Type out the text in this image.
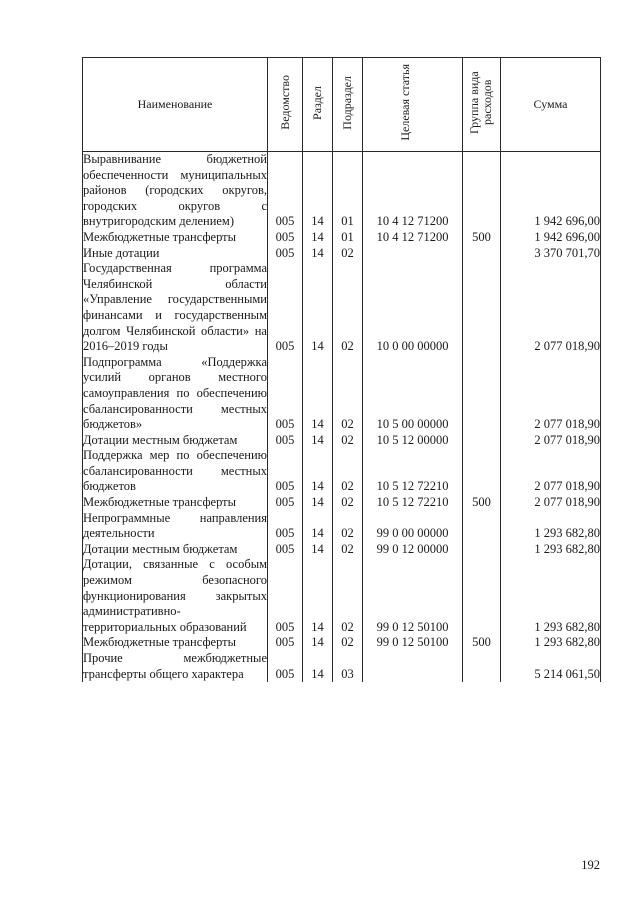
Наименование	Ведомство	Раздел	Подраздел	Целевая статья	Группа вида расходов	Сумма
Выравнивание бюджетной обеспеченности муниципальных районов (городских округов, городских округов с внутригородским делением)	005	14	01	10 4 12 71200		1 942 696,00
Межбюджетные трансферты	005	14	01	10 4 12 71200	500	1 942 696,00
Иные дотации	005	14	02			3 370 701,70
Государственная программа Челябинской области «Управление государственными финансами и государственным долгом Челябинской области» на 2016–2019 годы	005	14	02	10 0 00 00000		2 077 018,90
Подпрограмма «Поддержка усилий органов местного самоуправления по обеспечению сбалансированности местных бюджетов»	005	14	02	10 5 00 00000		2 077 018,90
Дотации местным бюджетам	005	14	02	10 5 12 00000		2 077 018,90
Поддержка мер по обеспечению сбалансированности местных бюджетов	005	14	02	10 5 12 72210		2 077 018,90
Межбюджетные трансферты	005	14	02	10 5 12 72210	500	2 077 018,90
Непрограммные направления деятельности	005	14	02	99 0 00 00000		1 293 682,80
Дотации местным бюджетам	005	14	02	99 0 12 00000		1 293 682,80
Дотации, связанные с особым режимом безопасного функционирования закрытых административно-территориальных образований	005	14	02	99 0 12 50100		1 293 682,80
Межбюджетные трансферты	005	14	02	99 0 12 50100	500	1 293 682,80
Прочие межбюджетные трансферты общего характера	005	14	03			5 214 061,50
192
